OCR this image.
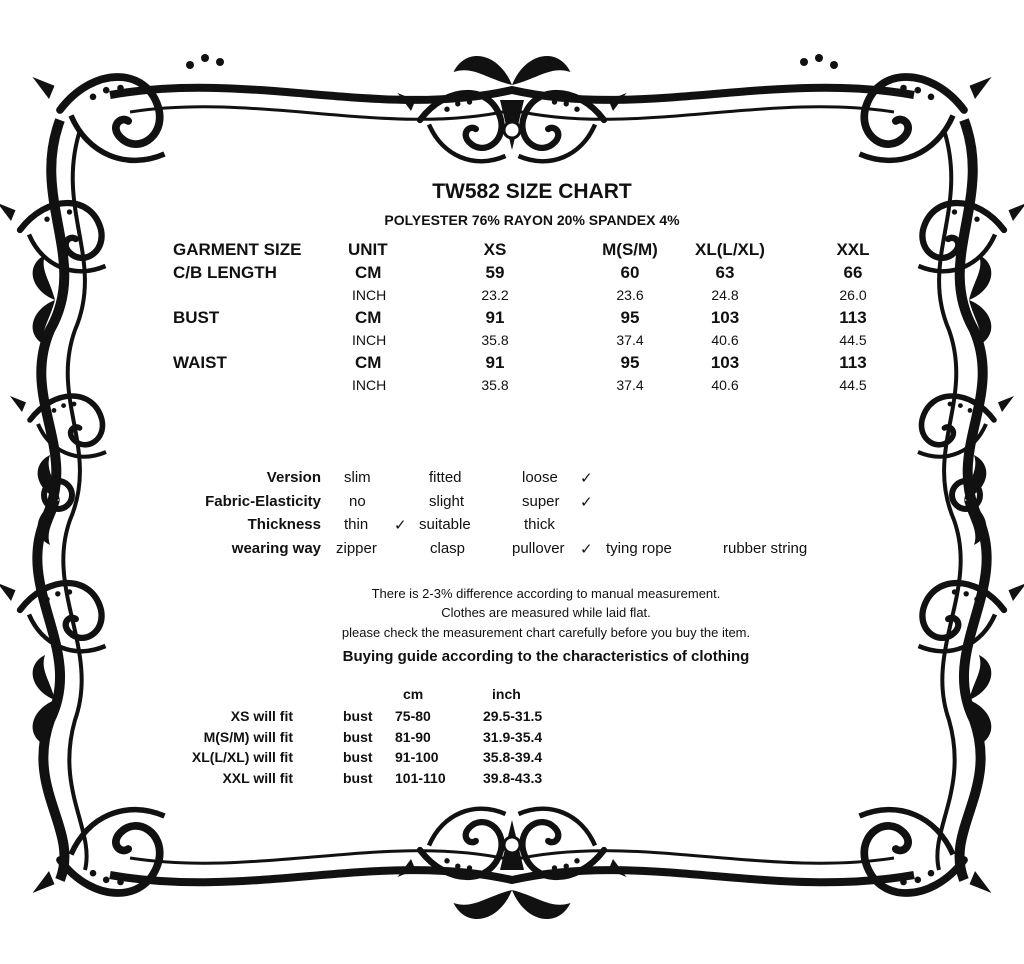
TW582 SIZE CHART
POLYESTER 76% RAYON 20% SPANDEX 4%
GARMENT SIZE	UNIT	XS	M(S/M)	XL(L/XL)	XXL
C/B LENGTH	CM	59	60	63	66
INCH	23.2	23.6	24.8	26.0
BUST	CM	91	95	103	113
INCH	35.8	37.4	40.6	44.5
WAIST	CM	91	95	103	113
INCH	35.8	37.4	40.6	44.5
Version slim	fitted	loose ✓
Fabric-Elasticity no	slight	super ✓
Thickness thin ✓ suitable	thick
wearing way zipper	clasp	pullover ✓ tying rope	rubber string
There is 2-3% difference according to manual measurement.
Clothes are measured while laid flat.
please check the measurement chart carefully before you buy the item.
Buying guide according to the characteristics of clothing
cm	inch
XS will fit	bust 75-80	29.5-31.5
M(S/M) will fit	bust 81-90	31.9-35.4
XL(L/XL) will fit	bust 91-100	35.8-39.4
XXL will fit	bust 101-110	39.8-43.3
